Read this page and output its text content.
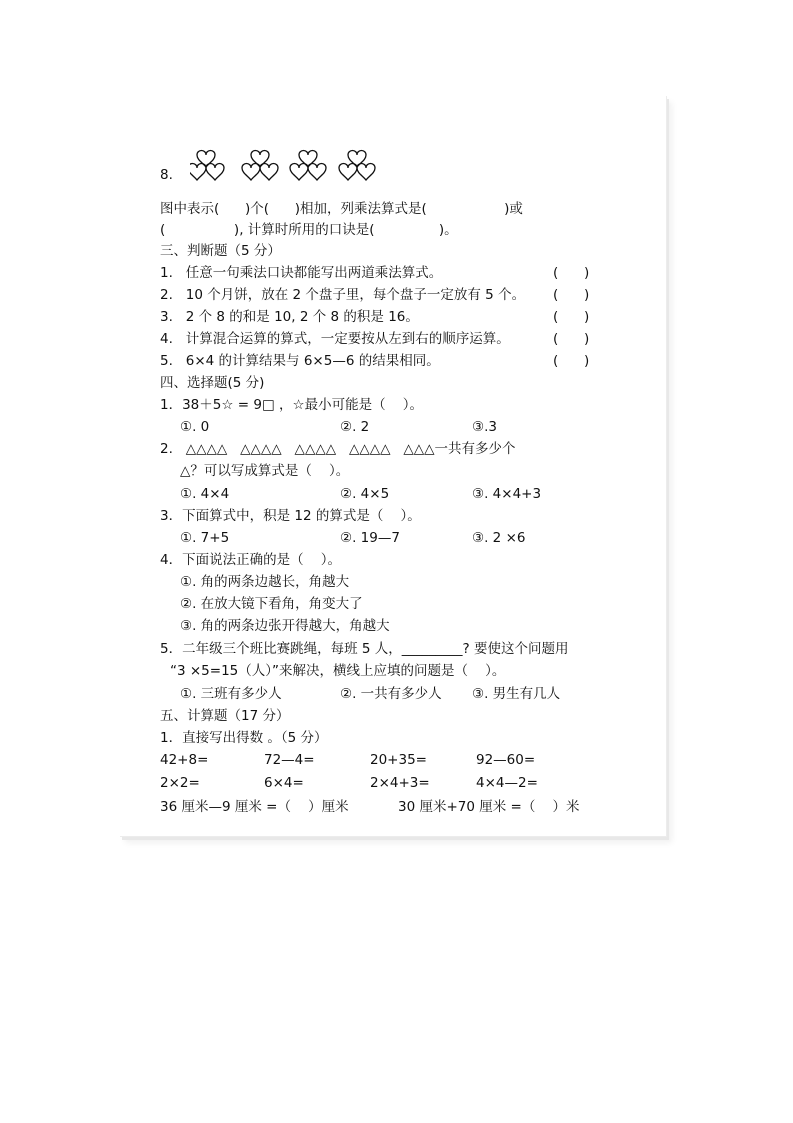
8.
图中表示(      )个(      )相加，列乘法算式是(                  )或
(                ), 计算时所用的口诀是(               )。
三、判断题（5 分）
1.   任意一句乘法口诀都能写出两道乘法算式。	(      )
2.   10 个月饼，放在 2 个盘子里，每个盘子一定放有 5 个。 (      )
3.   2 个 8 的和是 10, 2 个 8 的积是 16。	(      )
4.   计算混合运算的算式，一定要按从左到右的顺序运算。	(      )
5.   6×4 的计算结果与 6×5—6 的结果相同。	(      )
四、选择题(5 分)
1．38＋5☆ = 9□ ，☆最小可能是（    ）。
①. 0	②. 2	③.3
2.   △△△△   △△△△   △△△△   △△△△   △△△一共有多少个
△？可以写成算式是（    ）。
①. 4×4	②. 4×5	③. 4×4+3
3．下面算式中，积是 12 的算式是（    ）。
①. 7+5	②. 19—7	③. 2 ×6
4．下面说法正确的是（    ）。
①. 角的两条边越长，角越大
②. 在放大镜下看角，角变大了
③. 角的两条边张开得越大，角越大
5．二年级三个班比赛跳绳，每班 5 人，_________? 要使这个问题用
“3 ×5=15（人）”来解决，横线上应填的问题是（    ）。
①. 三班有多少人	②. 一共有多少人 ③. 男生有几人
五、计算题（17 分）
1．直接写出得数 。（5 分）
42+8=	72—4=	20+35=	92—60=
2×2=	6×4=	2×4+3=	4×4—2=
36 厘米—9 厘米 =（    ）厘米	30 厘米+70 厘米 =（    ）米
